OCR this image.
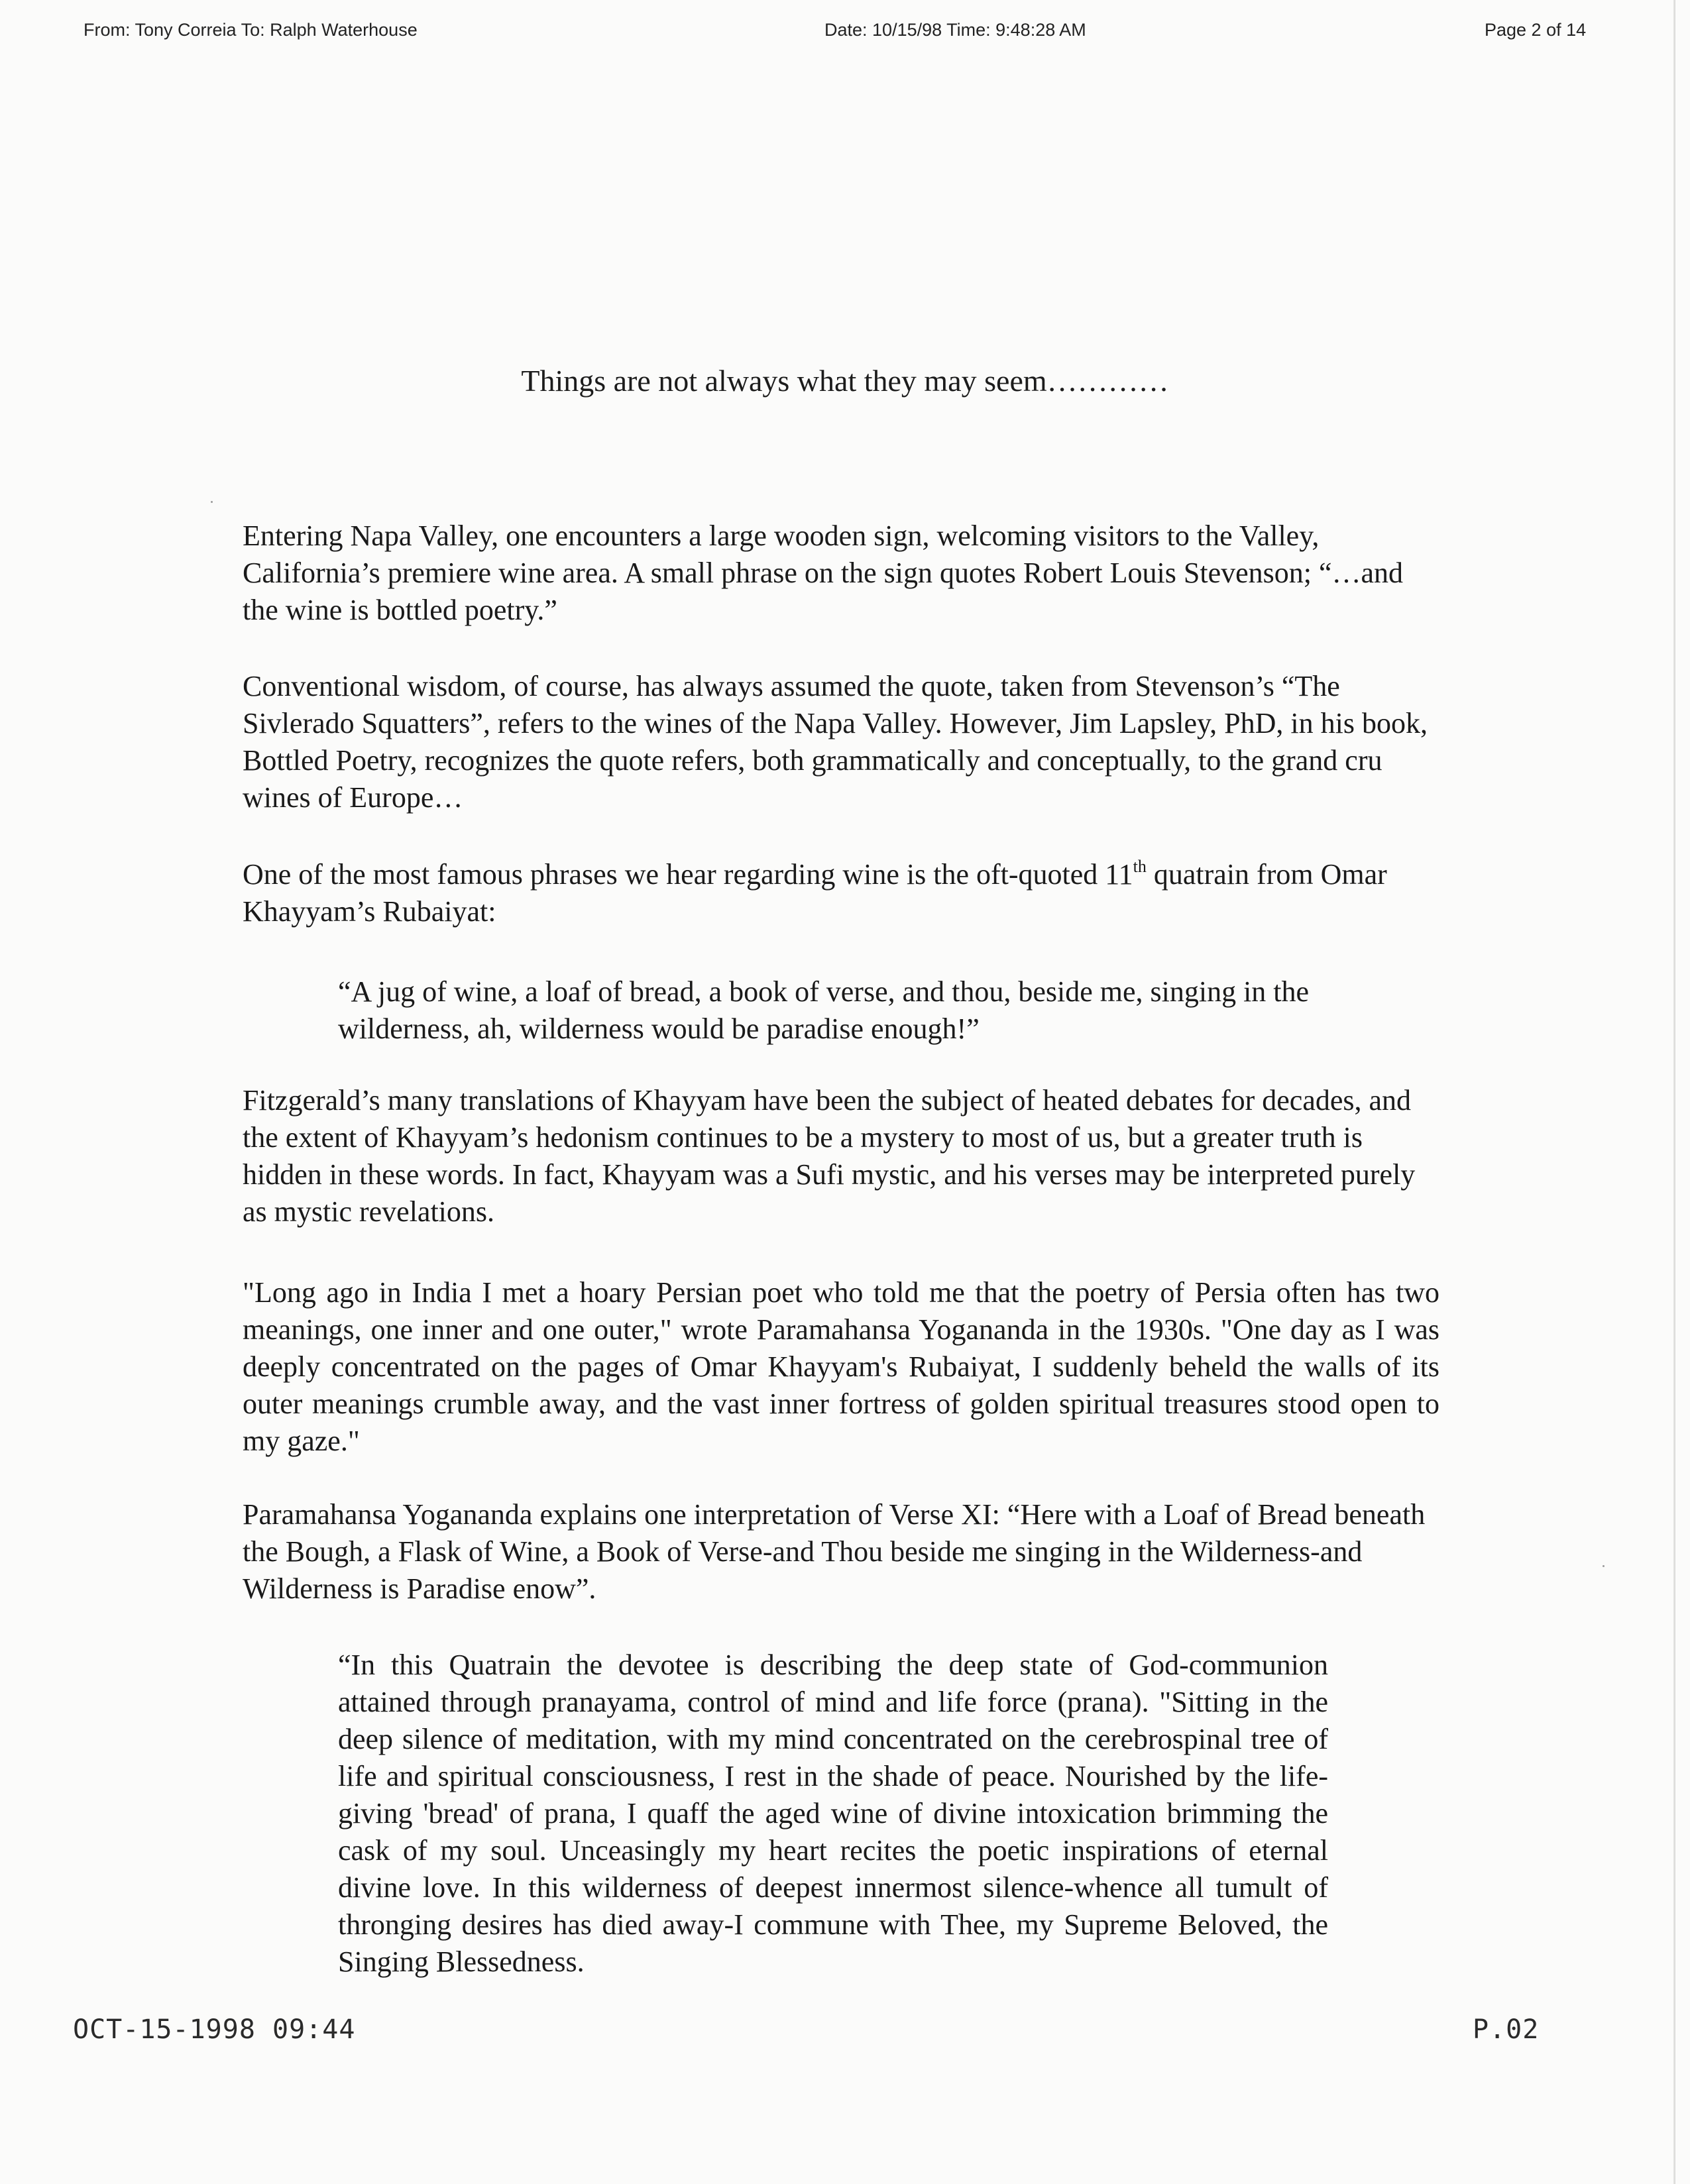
From: Tony Correia To: Ralph Waterhouse	Date: 10/15/98 Time: 9:48:28 AM	Page 2 of 14
Things are not always what they may seem…………

Entering Napa Valley, one encounters a large wooden sign, welcoming visitors to the Valley, California’s premiere wine area. A small phrase on the sign quotes Robert Louis Stevenson; “…and the wine is bottled poetry.”

Conventional wisdom, of course, has always assumed the quote, taken from Stevenson’s “The Sivlerado Squatters”, refers to the wines of the Napa Valley. However, Jim Lapsley, PhD, in his book, Bottled Poetry, recognizes the quote refers, both grammatically and conceptually, to the grand cru wines of Europe…

One of the most famous phrases we hear regarding wine is the oft-quoted 11th quatrain from Omar Khayyam’s Rubaiyat:

“A jug of wine, a loaf of bread, a book of verse, and thou, beside me, singing in the wilderness, ah, wilderness would be paradise enough!”

Fitzgerald’s many translations of Khayyam have been the subject of heated debates for decades, and the extent of Khayyam’s hedonism continues to be a mystery to most of us, but a greater truth is hidden in these words. In fact, Khayyam was a Sufi mystic, and his verses may be interpreted purely as mystic revelations.

"Long ago in India I met a hoary Persian poet who told me that the poetry of Persia often has two meanings, one inner and one outer," wrote Paramahansa Yogananda in the 1930s. "One day as I was deeply concentrated on the pages of Omar Khayyam's Rubaiyat, I suddenly beheld the walls of its outer meanings crumble away, and the vast inner fortress of golden spiritual treasures stood open to my gaze."

Paramahansa Yogananda explains one interpretation of Verse XI: “Here with a Loaf of Bread beneath the Bough, a Flask of Wine, a Book of Verse-and Thou beside me singing in the Wilderness-and Wilderness is Paradise enow”.

“In this Quatrain the devotee is describing the deep state of God-communion attained through pranayama, control of mind and life force (prana). "Sitting in the deep silence of meditation, with my mind concentrated on the cerebrospinal tree of life and spiritual consciousness, I rest in the shade of peace. Nourished by the life-giving 'bread' of prana, I quaff the aged wine of divine intoxication brimming the cask of my soul. Unceasingly my heart recites the poetic inspirations of eternal divine love. In this wilderness of deepest innermost silence-whence all tumult of thronging desires has died away-I commune with Thee, my Supreme Beloved, the Singing Blessedness.

OCT-15-1998 09:44	P.02
